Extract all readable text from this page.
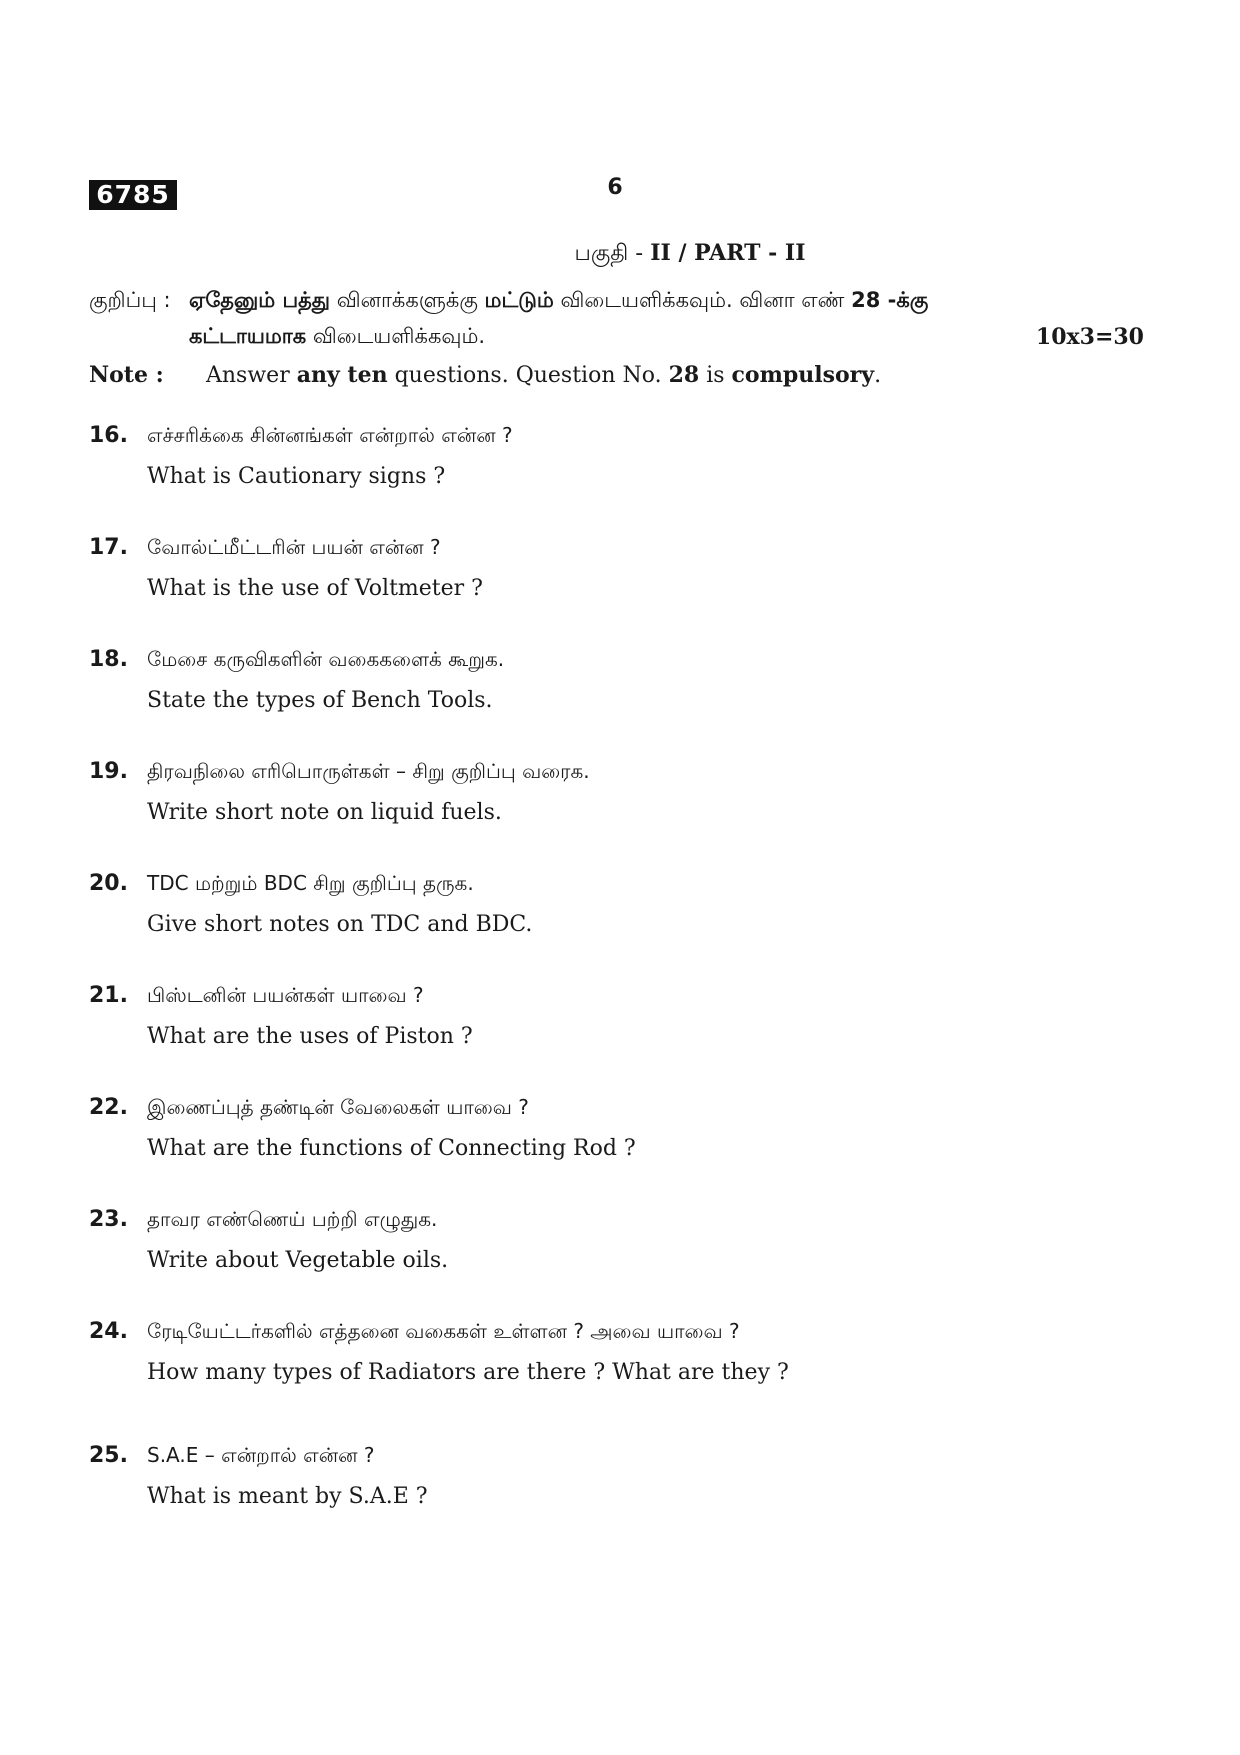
6785	6
பகுதி - II / PART - II
குறிப்பு : ஏதேனும் பத்து வினாக்களுக்கு மட்டும் விடையளிக்கவும். வினா எண் 28 -க்கு
கட்டாயமாக விடையளிக்கவும்.	10x3=30
Note : Answer any ten questions. Question No. 28 is compulsory.
16. எச்சரிக்கை சின்னங்கள் என்றால் என்ன ?
What is Cautionary signs ?
17. வோல்ட்மீட்டரின் பயன் என்ன ?
What is the use of Voltmeter ?
18. மேசை கருவிகளின் வகைகளைக் கூறுக.
State the types of Bench Tools.
19. திரவநிலை எரிபொருள்கள் – சிறு குறிப்பு வரைக.
Write short note on liquid fuels.
20. TDC மற்றும் BDC சிறு குறிப்பு தருக.
Give short notes on TDC and BDC.
21. பிஸ்டனின் பயன்கள் யாவை ?
What are the uses of Piston ?
22. இணைப்புத் தண்டின் வேலைகள் யாவை ?
What are the functions of Connecting Rod ?
23. தாவர எண்ணெய் பற்றி எழுதுக.
Write about Vegetable oils.
24. ரேடியேட்டர்களில் எத்தனை வகைகள் உள்ளன ? அவை யாவை ?
How many types of Radiators are there ? What are they ?
25. S.A.E – என்றால் என்ன ?
What is meant by S.A.E ?
